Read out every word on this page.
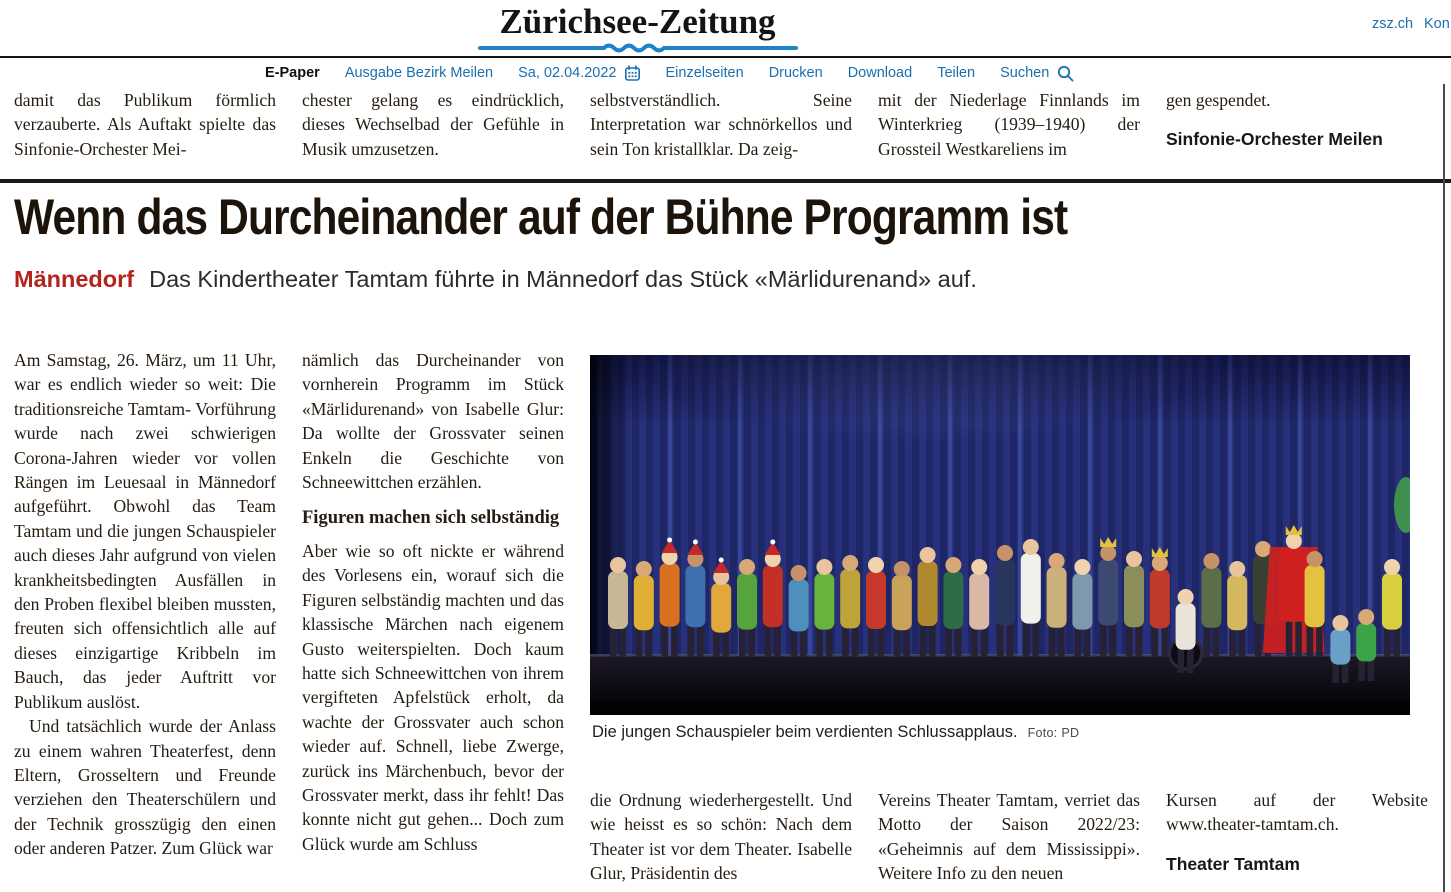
Zürichsee-Zeitung	zsz.ch Kon
E-Paper Ausgabe Bezirk Meilen Sa, 02.04.2022	Einzelseiten Drucken Download Teilen Suchen

damit das Publikum förmlich verzauberte. Als Auftakt spielte das Sinfonie-Orchester Mei-

chester gelang es eindrücklich, dieses Wechselbad der Gefühle in Musik umzusetzen.

selbstverständlich. Seine Interpretation war schnörkellos und sein Ton kristallklar. Da zeig-

mit der Niederlage Finnlands im Winterkrieg (1939–1940) der Grossteil Westkareliens im

gen gespendet.

Sinfonie-Orchester Meilen
Wenn das Durcheinander auf der Bühne Programm ist
Männedorf Das Kindertheater Tamtam führte in Männedorf das Stück «Märlidurenand» auf.

Am Samstag, 26. März, um 11 Uhr, war es endlich wieder so weit: Die traditionsreiche Tamtam- Vorführung wurde nach zwei schwierigen Corona-Jahren wieder vor vollen Rängen im Leuesaal in Männedorf aufgeführt. Obwohl das Team Tamtam und die jungen Schauspieler auch dieses Jahr aufgrund von vielen krankheitsbedingten Ausfällen in den Proben flexibel bleiben mussten, freuten sich offensichtlich alle auf dieses einzigartige Kribbeln im Bauch, das jeder Auftritt vor Publikum auslöst.

Und tatsächlich wurde der Anlass zu einem wahren Theaterfest, denn Eltern, Grosseltern und Freunde verziehen den Theaterschülern und der Technik grosszügig den einen oder anderen Patzer. Zum Glück war

nämlich das Durcheinander von vornherein Programm im Stück «Märlidurenand» von Isabelle Glur: Da wollte der Grossvater seinen Enkeln die Geschichte von Schneewittchen erzählen.

Figuren machen sich selbständig

Aber wie so oft nickte er während des Vorlesens ein, worauf sich die Figuren selbständig machten und das klassische Märchen nach eigenem Gusto weiterspielten. Doch kaum hatte sich Schneewittchen von ihrem vergifteten Apfelstück erholt, da wachte der Grossvater auch schon wieder auf. Schnell, liebe Zwerge, zurück ins Märchenbuch, bevor der Grossvater merkt, dass ihr fehlt! Das konnte nicht gut gehen... Doch zum Glück wurde am Schluss

Die jungen Schauspieler beim verdienten Schlussapplaus. Foto: PD

die Ordnung wiederhergestellt. Und wie heisst es so schön: Nach dem Theater ist vor dem Theater. Isabelle Glur, Präsidentin des

Vereins Theater Tamtam, verriet das Motto der Saison 2022/23: «Geheimnis auf dem Mississippi». Weitere Info zu den neuen

Kursen auf der Website www.theater-tamtam.ch.

Theater Tamtam
